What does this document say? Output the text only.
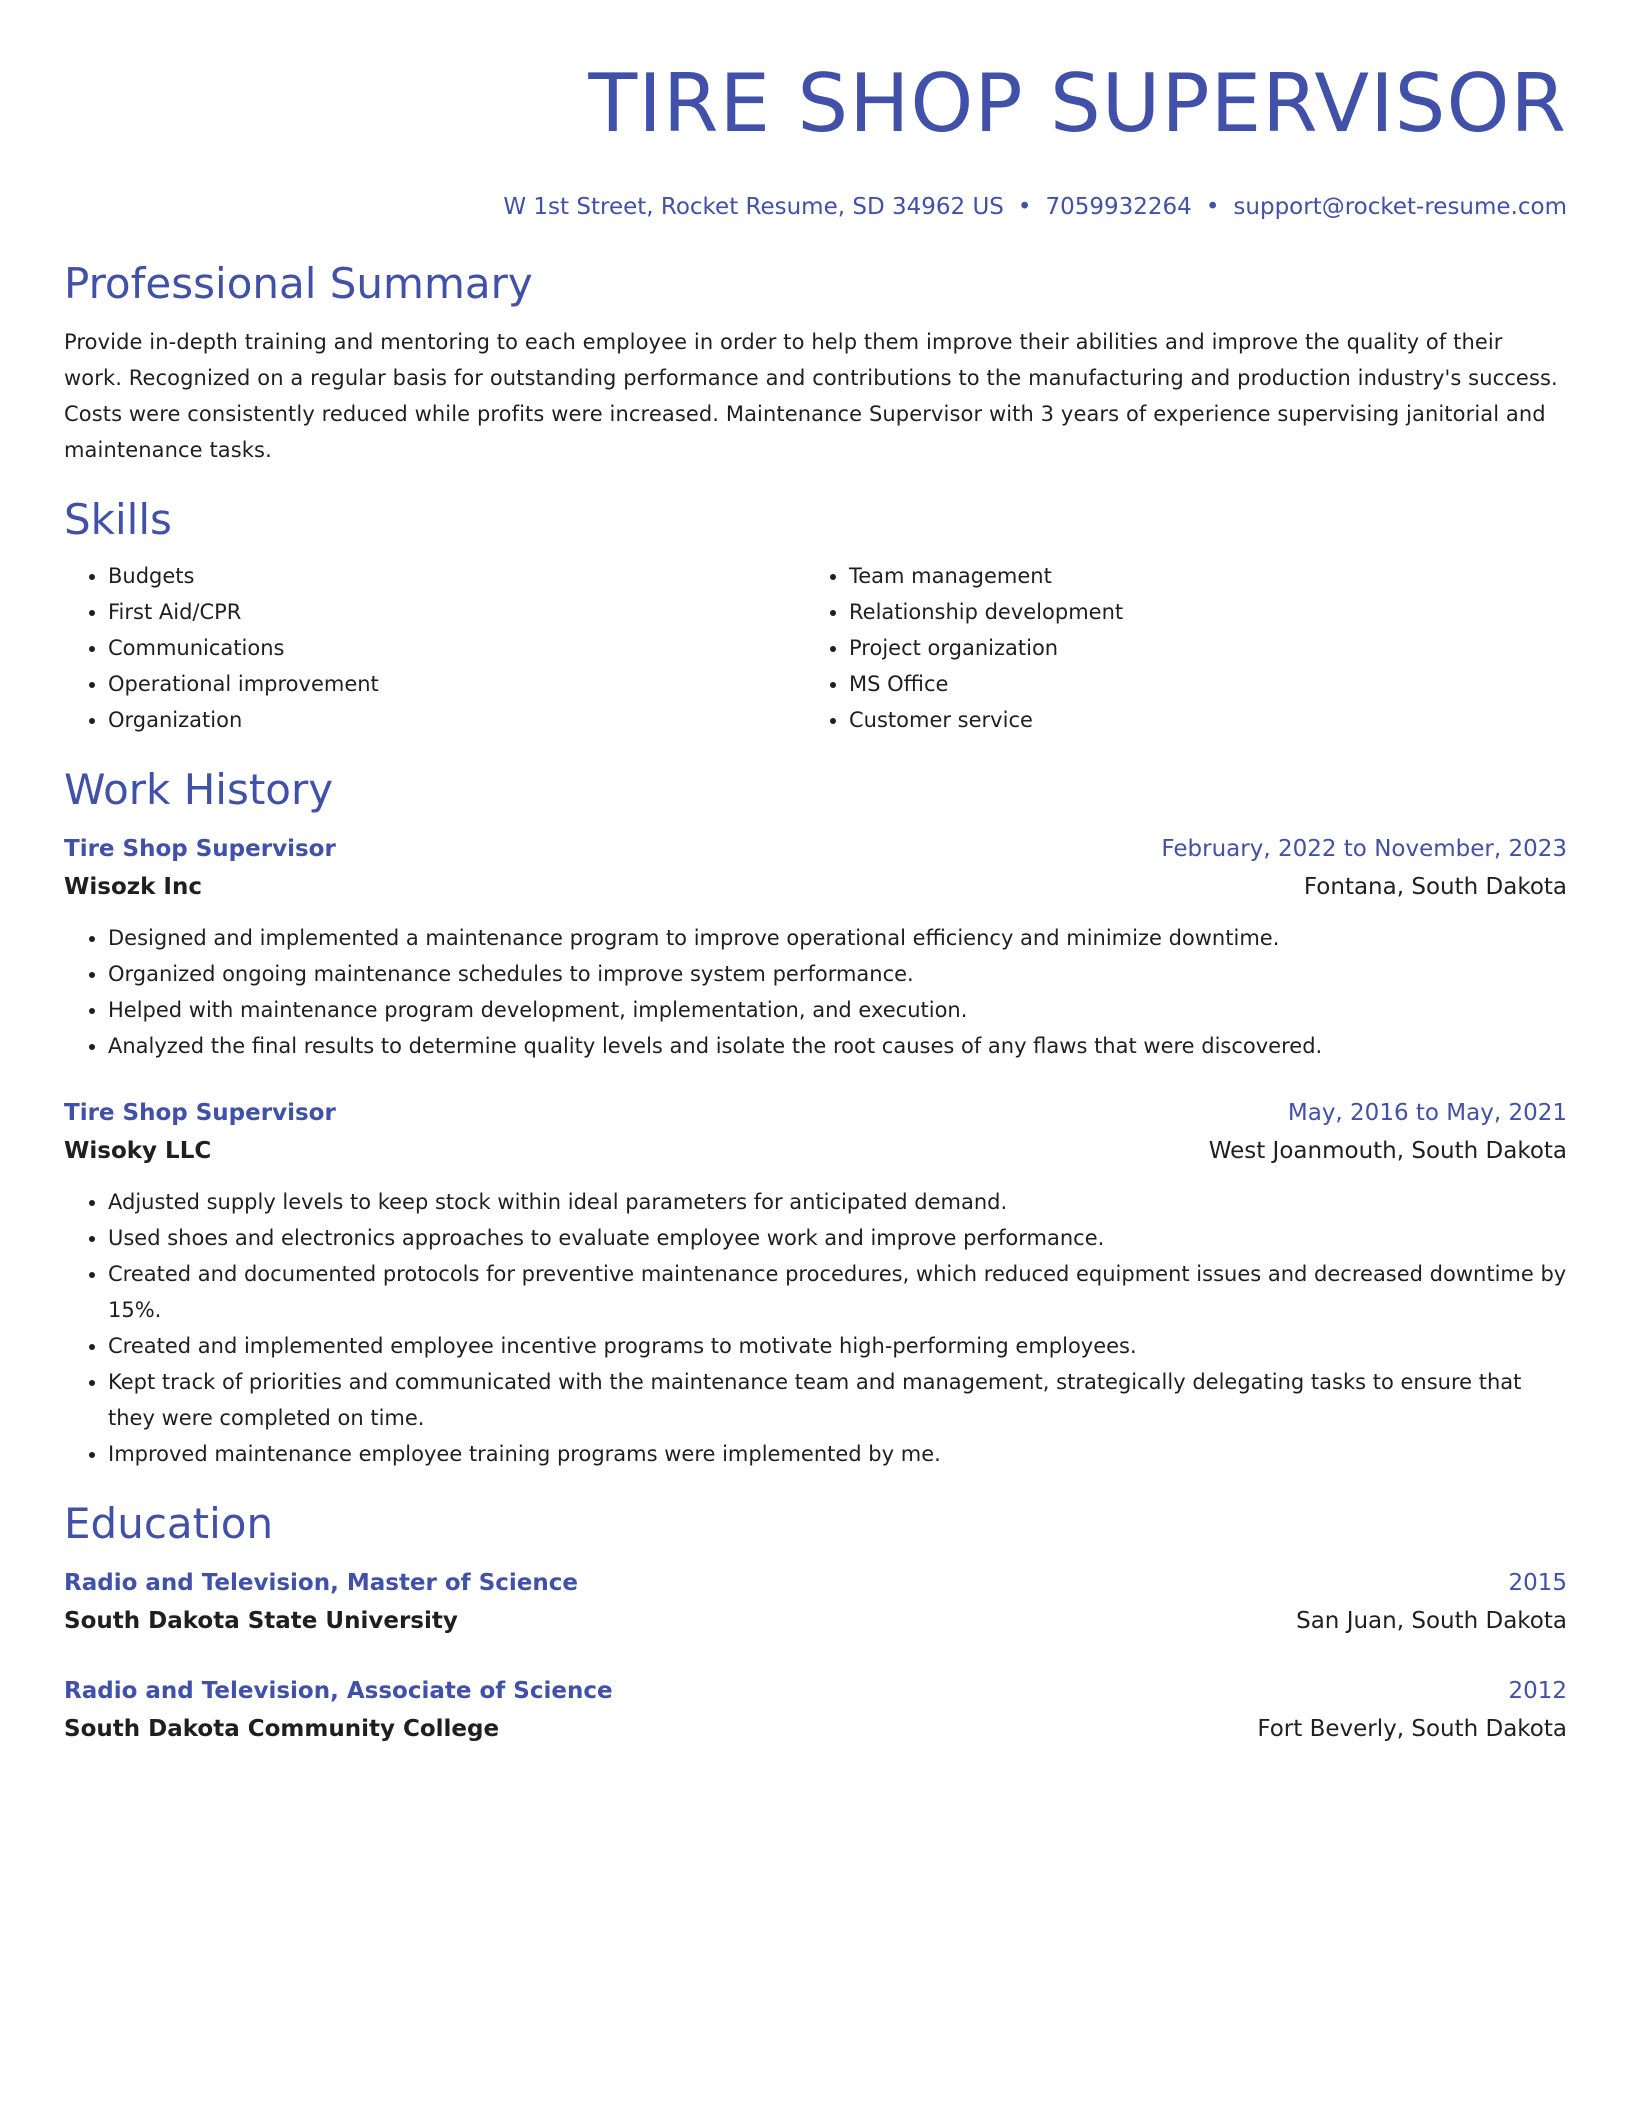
TIRE SHOP SUPERVISOR
W 1st Street, Rocket Resume, SD 34962 US • 7059932264 • support@rocket-resume.com
Professional Summary
Provide in-depth training and mentoring to each employee in order to help them improve their abilities and improve the quality of their work. Recognized on a regular basis for outstanding performance and contributions to the manufacturing and production industry's success. Costs were consistently reduced while profits were increased. Maintenance Supervisor with 3 years of experience supervising janitorial and maintenance tasks.
Skills
• Budgets
• First Aid/CPR
• Communications
• Operational improvement
• Organization
• Team management
• Relationship development
• Project organization
• MS Office
• Customer service
Work History
Tire Shop Supervisor	February, 2022 to November, 2023
Wisozk Inc	Fontana, South Dakota
• Designed and implemented a maintenance program to improve operational efficiency and minimize downtime.
• Organized ongoing maintenance schedules to improve system performance.
• Helped with maintenance program development, implementation, and execution.
• Analyzed the final results to determine quality levels and isolate the root causes of any flaws that were discovered.
Tire Shop Supervisor	May, 2016 to May, 2021
Wisoky LLC	West Joanmouth, South Dakota
• Adjusted supply levels to keep stock within ideal parameters for anticipated demand.
• Used shoes and electronics approaches to evaluate employee work and improve performance.
• Created and documented protocols for preventive maintenance procedures, which reduced equipment issues and decreased downtime by 15%.
• Created and implemented employee incentive programs to motivate high-performing employees.
• Kept track of priorities and communicated with the maintenance team and management, strategically delegating tasks to ensure that they were completed on time.
• Improved maintenance employee training programs were implemented by me.
Education
Radio and Television, Master of Science	2015
South Dakota State University	San Juan, South Dakota
Radio and Television, Associate of Science	2012
South Dakota Community College	Fort Beverly, South Dakota
